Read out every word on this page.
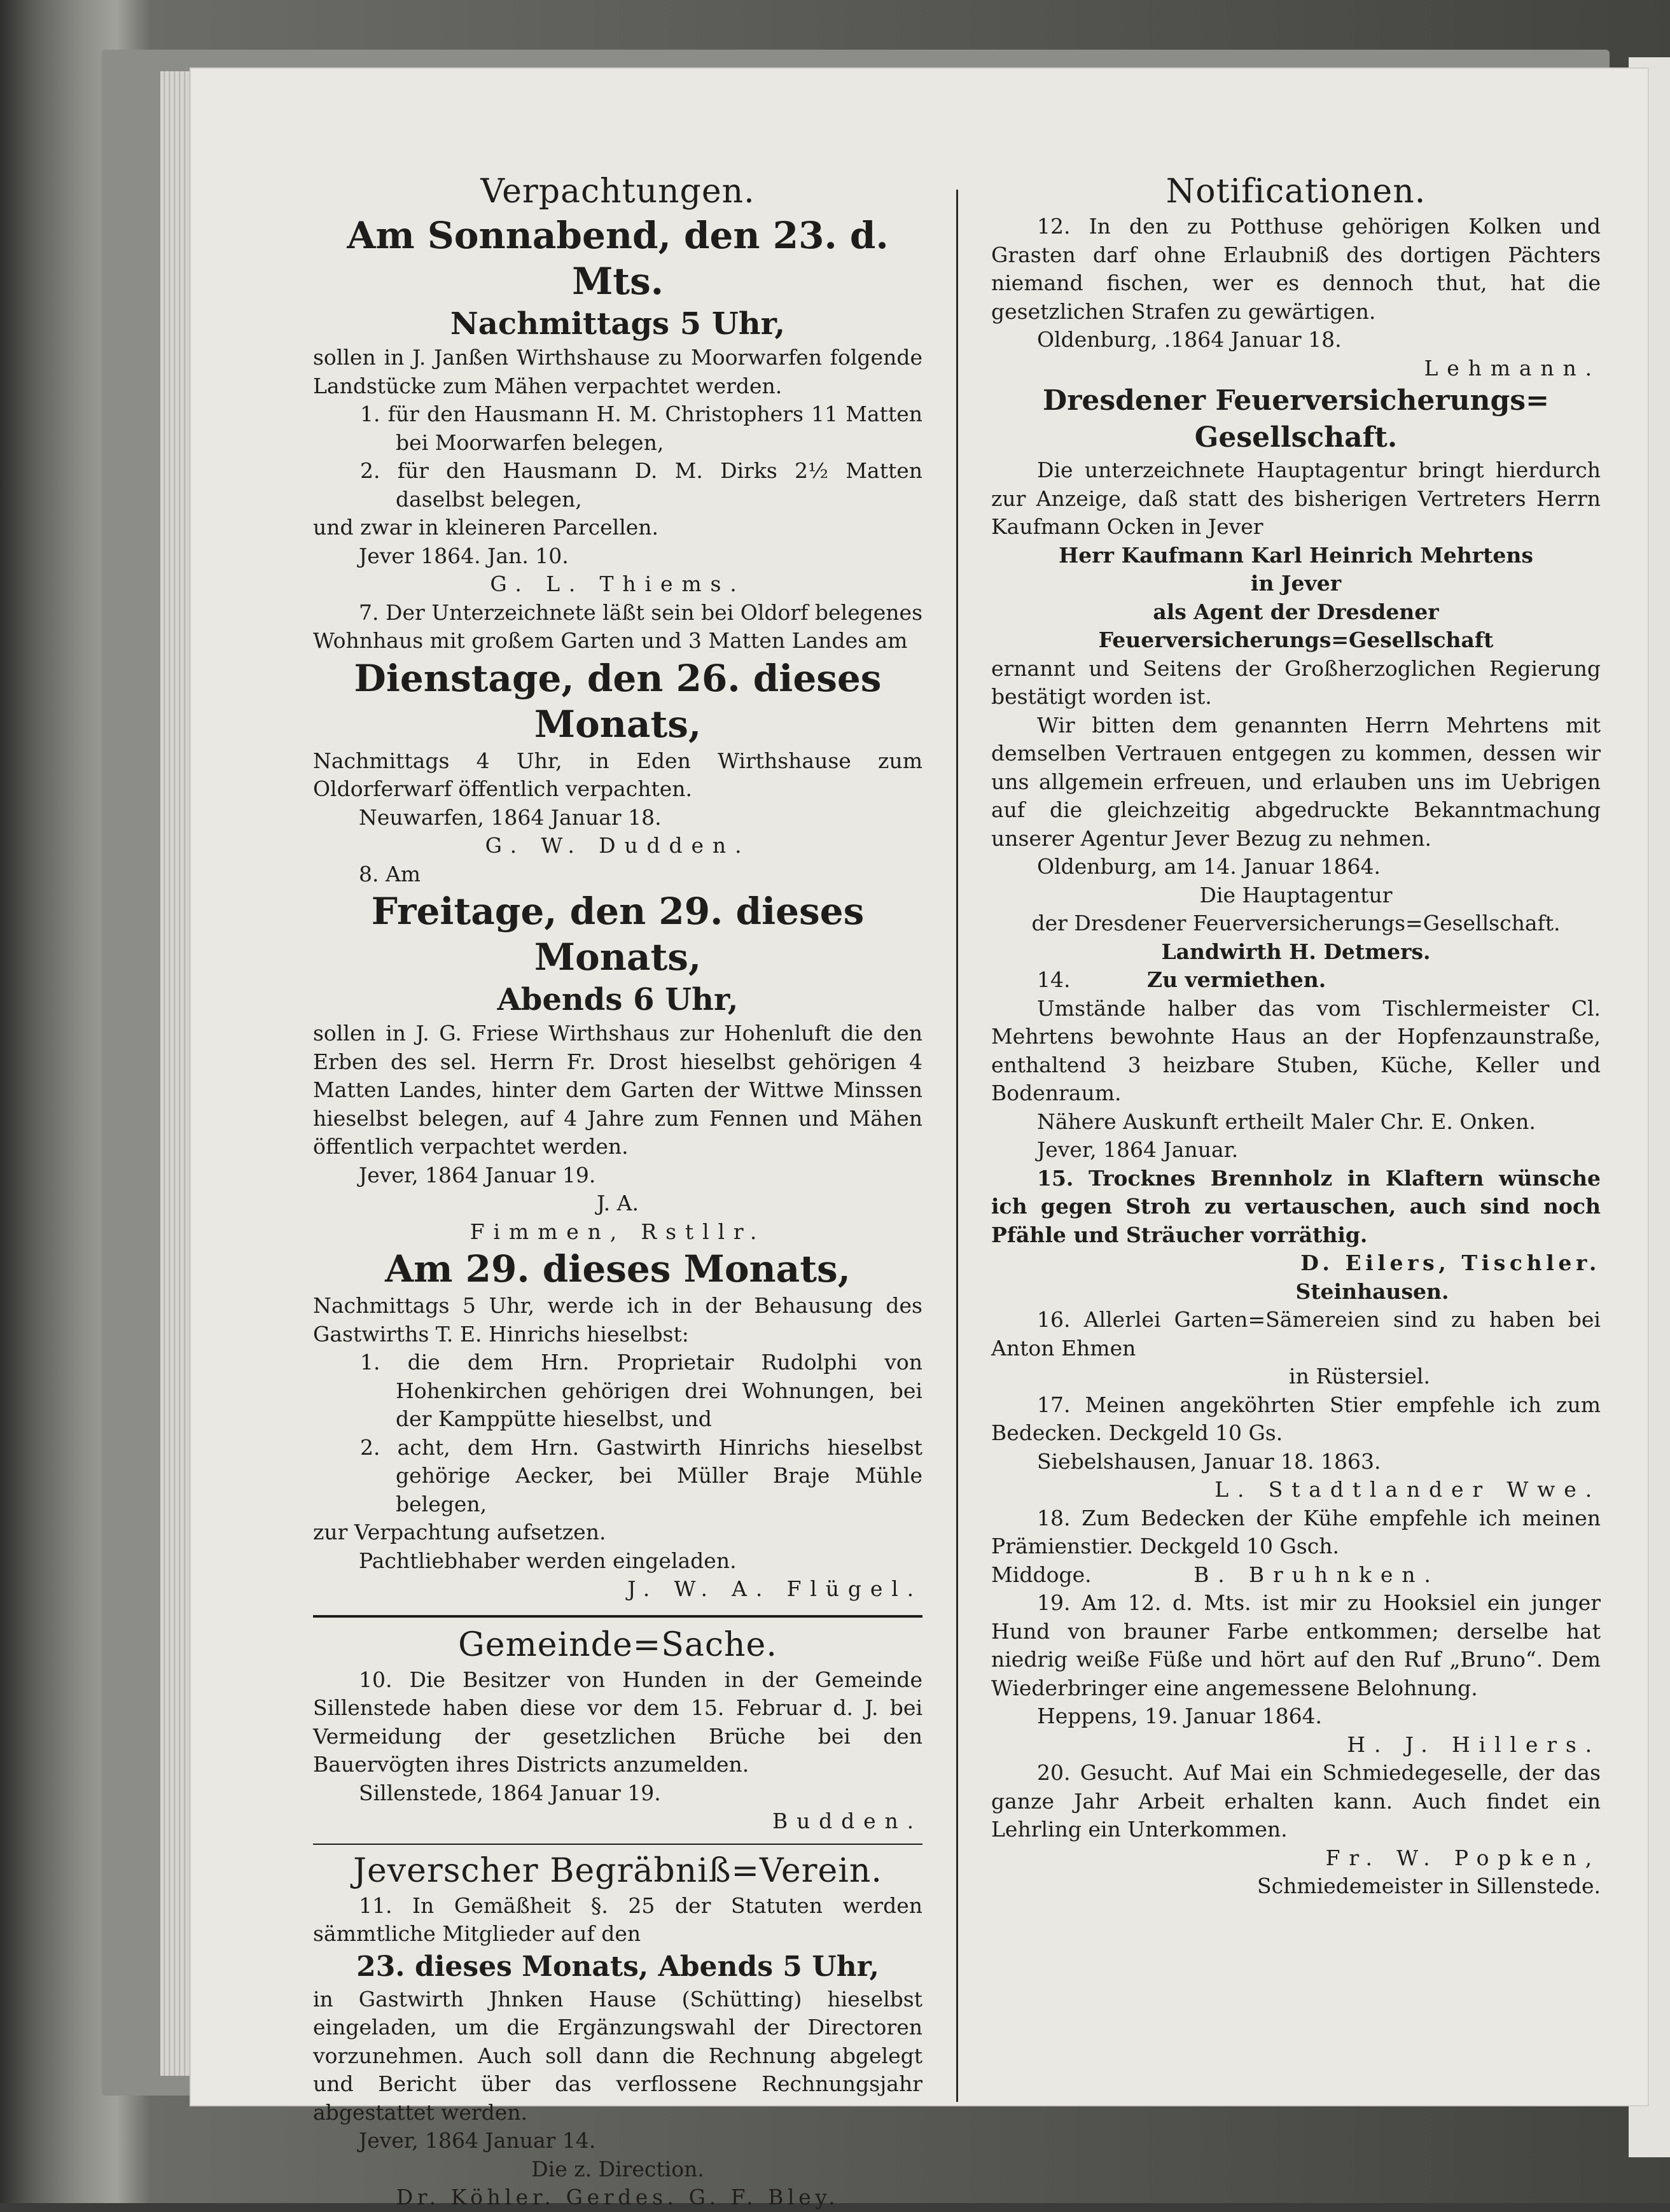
Verpachtungen.

Am Sonnabend, den 23. d. Mts.

Nachmittags 5 Uhr,

sollen in J. Janßen Wirthshause zu Moorwarfen folgende Landstücke zum Mähen verpachtet werden.

1. für den Hausmann H. M. Christophers 11 Matten bei Moorwarfen belegen,

2. für den Hausmann D. M. Dirks 2½ Matten daselbst belegen,

und zwar in kleineren Parcellen.

Jever 1864. Jan. 10.

G. L. Thiems.

7. Der Unterzeichnete läßt sein bei Oldorf belegenes Wohnhaus mit großem Garten und 3 Matten Landes am

Dienstage, den 26. dieses Monats,

Nachmittags 4 Uhr, in Eden Wirthshause zum Oldorferwarf öffentlich verpachten.

Neuwarfen, 1864 Januar 18.

G. W. Dudden.

8. Am

Freitage, den 29. dieses Monats,

Abends 6 Uhr,

sollen in J. G. Friese Wirthshaus zur Hohenluft die den Erben des sel. Herrn Fr. Drost hieselbst gehörigen 4 Matten Landes, hinter dem Garten der Wittwe Minssen hieselbst belegen, auf 4 Jahre zum Fennen und Mähen öffentlich verpachtet werden.

Jever, 1864 Januar 19.

J. A.

Fimmen, Rstllr.

Am 29. dieses Monats,

Nachmittags 5 Uhr, werde ich in der Behausung des Gastwirths T. E. Hinrichs hieselbst:

1. die dem Hrn. Proprietair Rudolphi von Hohenkirchen gehörigen drei Wohnungen, bei der Kamppütte hieselbst, und

2. acht, dem Hrn. Gastwirth Hinrichs hieselbst gehörige Aecker, bei Müller Braje Mühle belegen,

zur Verpachtung aufsetzen.

Pachtliebhaber werden eingeladen.

J. W. A. Flügel.

Gemeinde=Sache.

10. Die Besitzer von Hunden in der Gemeinde Sillenstede haben diese vor dem 15. Februar d. J. bei Vermeidung der gesetzlichen Brüche bei den Bauervögten ihres Districts anzumelden.

Sillenstede, 1864 Januar 19.

Budden.

Jeverscher Begräbniß=Verein.

11. In Gemäßheit §. 25 der Statuten werden sämmtliche Mitglieder auf den

23. dieses Monats, Abends 5 Uhr,

in Gastwirth Jhnken Hause (Schütting) hieselbst eingeladen, um die Ergänzungswahl der Directoren vorzunehmen. Auch soll dann die Rechnung abgelegt und Bericht über das verflossene Rechnungsjahr abgestattet werden.

Jever, 1864 Januar 14.

Die z. Direction.

Dr. Köhler. Gerdes. G. F. Bley.

Notificationen.

12. In den zu Potthuse gehörigen Kolken und Grasten darf ohne Erlaubniß des dortigen Pächters niemand fischen, wer es dennoch thut, hat die gesetzlichen Strafen zu gewärtigen.

Oldenburg, .1864 Januar 18.

Lehmann.

Dresdener Feuerversicherungs=

Gesellschaft.

Die unterzeichnete Hauptagentur bringt hierdurch zur Anzeige, daß statt des bisherigen Vertreters Herrn Kaufmann Ocken in Jever

Herr Kaufmann Karl Heinrich Mehrtens

in Jever

als Agent der Dresdener Feuerversicherungs=Gesellschaft

ernannt und Seitens der Großherzoglichen Regierung bestätigt worden ist.

Wir bitten dem genannten Herrn Mehrtens mit demselben Vertrauen entgegen zu kommen, dessen wir uns allgemein erfreuen, und erlauben uns im Uebrigen auf die gleichzeitig abgedruckte Bekanntmachung unserer Agentur Jever Bezug zu nehmen.

Oldenburg, am 14. Januar 1864.

Die Hauptagentur

der Dresdener Feuerversicherungs=Gesellschaft.

Landwirth H. Detmers.

14.	Zu vermiethen.

Umstände halber das vom Tischlermeister Cl. Mehrtens bewohnte Haus an der Hopfenzaunstraße, enthaltend 3 heizbare Stuben, Küche, Keller und Bodenraum.

Nähere Auskunft ertheilt Maler Chr. E. Onken.

Jever, 1864 Januar.

15. Trocknes Brennholz in Klaftern wünsche ich gegen Stroh zu vertauschen, auch sind noch Pfähle und Sträucher vorräthig.

D. Eilers, Tischler.

Steinhausen.

16. Allerlei Garten=Sämereien sind zu haben bei Anton Ehmen

in Rüstersiel.

17. Meinen angeköhrten Stier empfehle ich zum Bedecken. Deckgeld 10 Gs.

Siebelshausen, Januar 18. 1863.

L. Stadtlander Wwe.

18. Zum Bedecken der Kühe empfehle ich meinen Prämienstier. Deckgeld 10 Gsch.

Middoge.	B. Bruhnken.

19. Am 12. d. Mts. ist mir zu Hooksiel ein junger Hund von brauner Farbe entkommen; derselbe hat niedrig weiße Füße und hört auf den Ruf „Bruno“. Dem Wiederbringer eine angemessene Belohnung.

Heppens, 19. Januar 1864.

H. J. Hillers.

20. Gesucht. Auf Mai ein Schmiedegeselle, der das ganze Jahr Arbeit erhalten kann. Auch findet ein Lehrling ein Unterkommen.

Fr. W. Popken,

Schmiedemeister in Sillenstede.
